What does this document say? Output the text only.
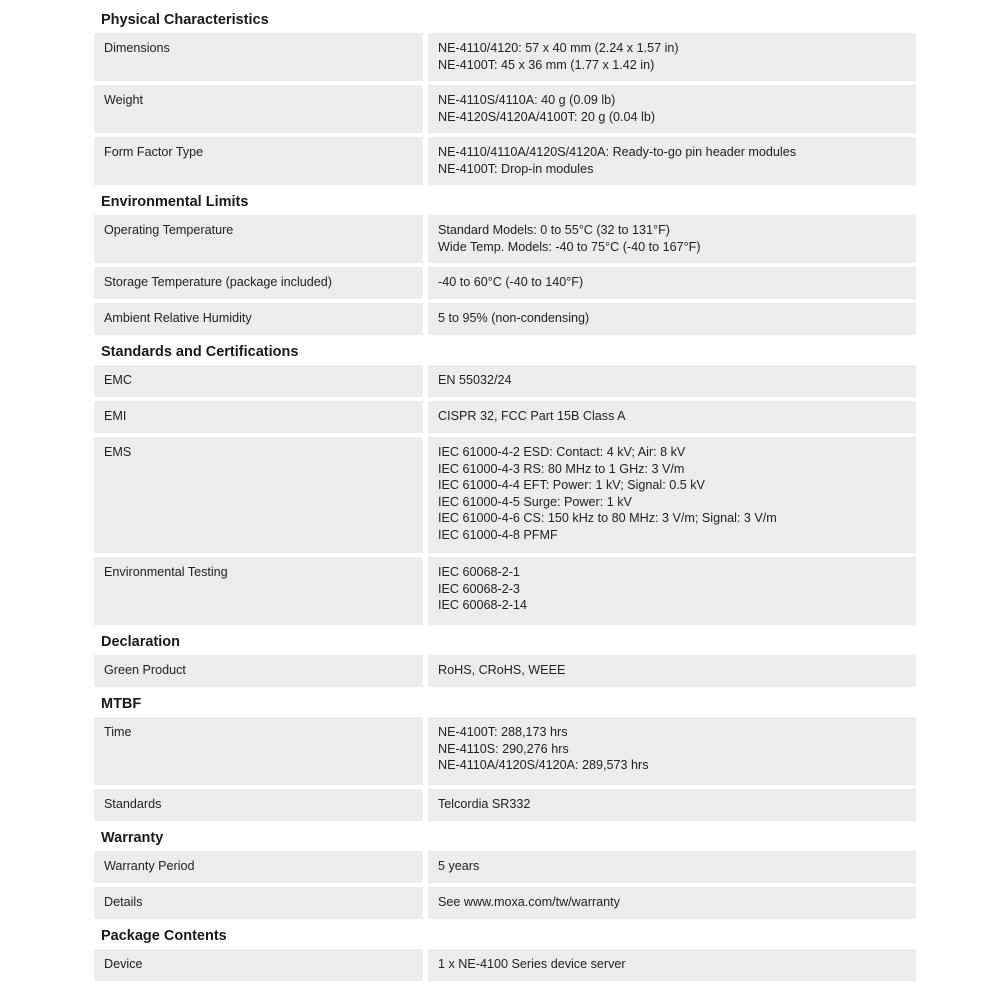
Physical Characteristics
Dimensions	NE-4110/4120: 57 x 40 mm (2.24 x 1.57 in)
NE-4100T: 45 x 36 mm (1.77 x 1.42 in)
Weight	NE-4110S/4110A: 40 g (0.09 lb)
NE-4120S/4120A/4100T: 20 g (0.04 lb)
Form Factor Type	NE-4110/4110A/4120S/4120A: Ready-to-go pin header modules
NE-4100T: Drop-in modules
Environmental Limits
Operating Temperature	Standard Models: 0 to 55°C (32 to 131°F)
Wide Temp. Models: -40 to 75°C (-40 to 167°F)
Storage Temperature (package included)	-40 to 60°C (-40 to 140°F)
Ambient Relative Humidity	5 to 95% (non-condensing)
Standards and Certifications
EMC	EN 55032/24
EMI	CISPR 32, FCC Part 15B Class A
EMS	IEC 61000-4-2 ESD: Contact: 4 kV; Air: 8 kV
IEC 61000-4-3 RS: 80 MHz to 1 GHz: 3 V/m
IEC 61000-4-4 EFT: Power: 1 kV; Signal: 0.5 kV
IEC 61000-4-5 Surge: Power: 1 kV
IEC 61000-4-6 CS: 150 kHz to 80 MHz: 3 V/m; Signal: 3 V/m
IEC 61000-4-8 PFMF
Environmental Testing	IEC 60068-2-1
IEC 60068-2-3
IEC 60068-2-14
Declaration
Green Product	RoHS, CRoHS, WEEE
MTBF
Time	NE-4100T: 288,173 hrs
NE-4110S: 290,276 hrs
NE-4110A/4120S/4120A: 289,573 hrs
Standards	Telcordia SR332
Warranty
Warranty Period	5 years
Details	See www.moxa.com/tw/warranty
Package Contents
Device	1 x NE-4100 Series device server
